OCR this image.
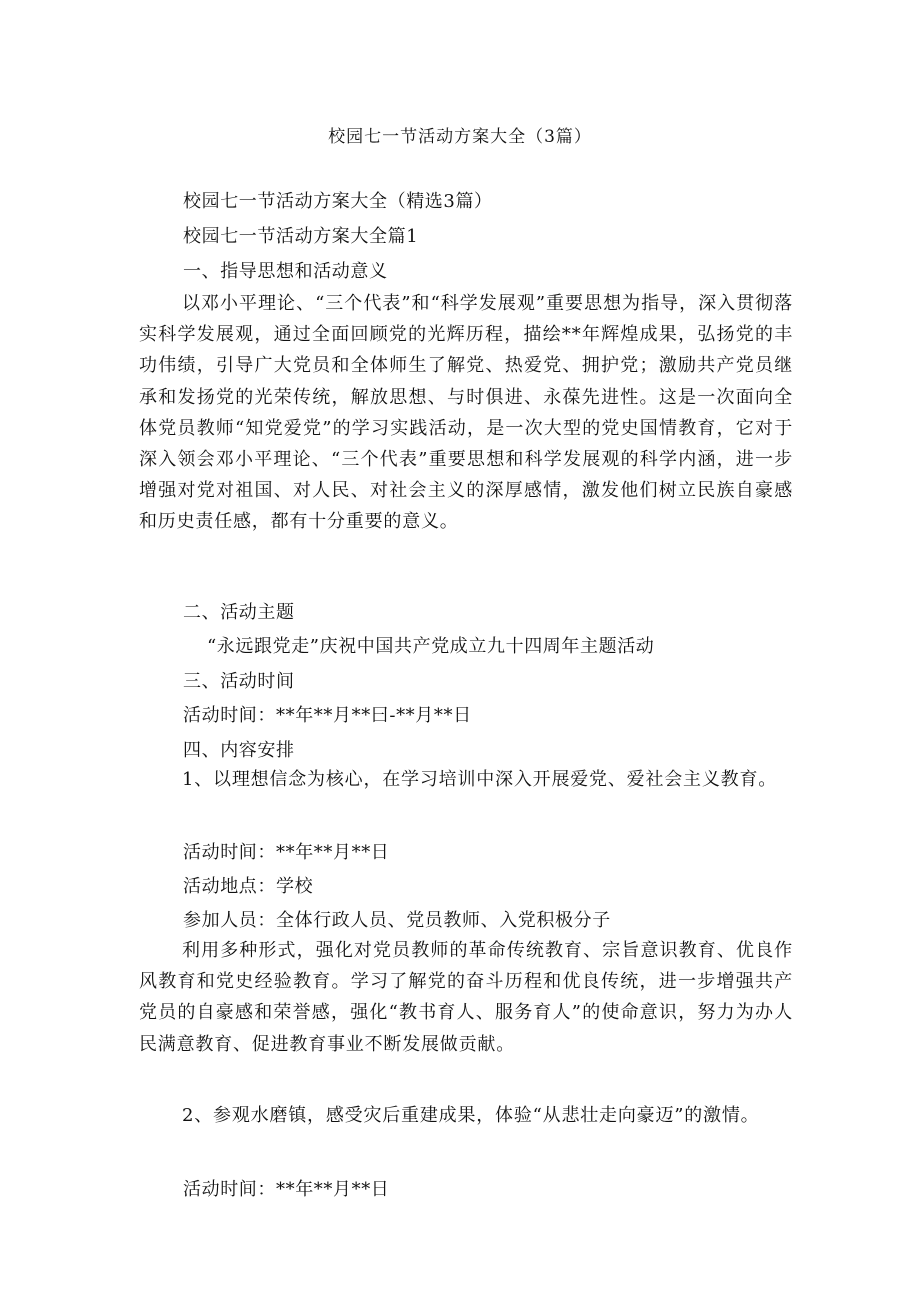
校园七一节活动方案大全（3篇）
校园七一节活动方案大全（精选3篇）
校园七一节活动方案大全篇1
一、指导思想和活动意义

以邓小平理论、“三个代表”和“科学发展观”重要思想为指导，深入贯彻落实科学发展观，通过全面回顾党的光辉历程，描绘**年辉煌成果，弘扬党的丰功伟绩，引导广大党员和全体师生了解党、热爱党、拥护党；激励共产党员继承和发扬党的光荣传统，解放思想、与时俱进、永葆先进性。这是一次面向全体党员教师“知党爱党”的学习实践活动，是一次大型的党史国情教育，它对于深入领会邓小平理论、“三个代表”重要思想和科学发展观的科学内涵，进一步增强对党对祖国、对人民、对社会主义的深厚感情，激发他们树立民族自豪感和历史责任感，都有十分重要的意义。

二、活动主题
“永远跟党走”庆祝中国共产党成立九十四周年主题活动
三、活动时间
活动时间：**年**月**曰-**月**日
四、内容安排

1、以理想信念为核心，在学习培训中深入开展爱党、爱社会主义教育。

活动时间：**年**月**日
活动地点：学校
参加人员：全体行政人员、党员教师、入党积极分子

利用多种形式，强化对党员教师的革命传统教育、宗旨意识教育、优良作风教育和党史经验教育。学习了解党的奋斗历程和优良传统，进一步增强共产党员的自豪感和荣誉感，强化“教书育人、服务育人”的使命意识，努力为办人民满意教育、促进教育事业不断发展做贡献。

2、参观水磨镇，感受灾后重建成果，体验“从悲壮走向豪迈”的激情。

活动时间：**年**月**日
